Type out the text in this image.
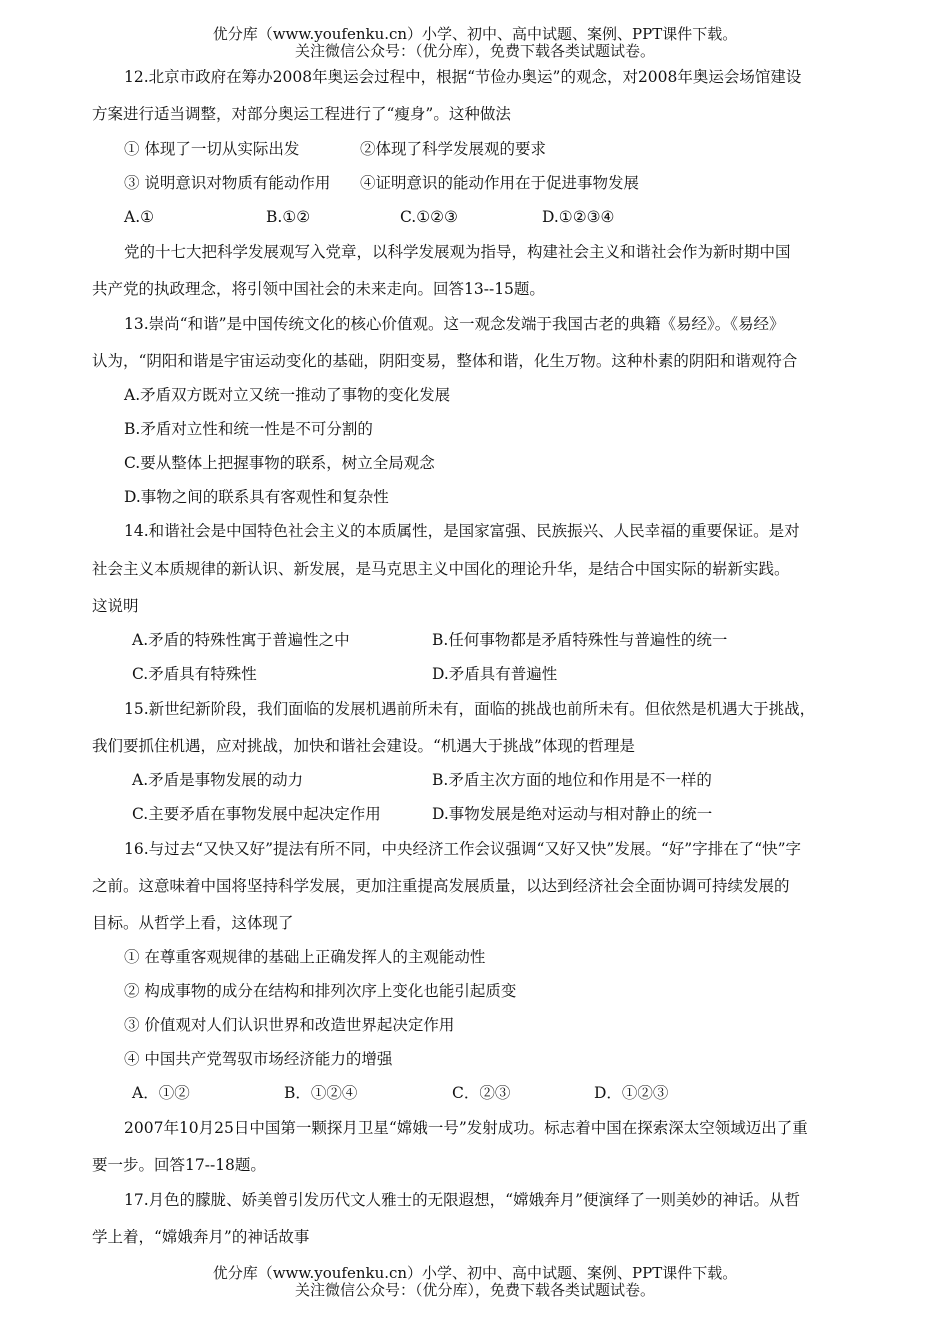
优分库（www.youfenku.cn）小学、初中、高中试题、案例、PPT课件下载。
关注微信公众号：（优分库），免费下载各类试题试卷。
12.北京市政府在筹办2008年奥运会过程中，根据“节俭办奥运”的观念，对2008年奥运会场馆建设
方案进行适当调整，对部分奥运工程进行了“瘦身”。这种做法
① 体现了一切从实际出发	②体现了科学发展观的要求
③ 说明意识对物质有能动作用 ④证明意识的能动作用在于促进事物发展
A.①	B.①②	C.①②③	D.①②③④
党的十七大把科学发展观写入党章，以科学发展观为指导，构建社会主义和谐社会作为新时期中国
共产党的执政理念，将引领中国社会的未来走向。回答13--15题。
13.崇尚“和谐”是中国传统文化的核心价值观。这一观念发端于我国古老的典籍《易经》。《易经》
认为，“阴阳和谐是宇宙运动变化的基础，阴阳变易，整体和谐，化生万物。这种朴素的阴阳和谐观符合
A.矛盾双方既对立又统一推动了事物的变化发展
B.矛盾对立性和统一性是不可分割的
C.要从整体上把握事物的联系，树立全局观念
D.事物之间的联系具有客观性和复杂性
14.和谐社会是中国特色社会主义的本质属性，是国家富强、民族振兴、人民幸福的重要保证。是对
社会主义本质规律的新认识、新发展，是马克思主义中国化的理论升华，是结合中国实际的崭新实践。
这说明
A.矛盾的特殊性寓于普遍性之中	B.任何事物都是矛盾特殊性与普遍性的统一
C.矛盾具有特殊性	D.矛盾具有普遍性
15.新世纪新阶段，我们面临的发展机遇前所未有，面临的挑战也前所未有。但依然是机遇大于挑战，
我们要抓住机遇，应对挑战，加快和谐社会建设。“机遇大于挑战”体现的哲理是
A.矛盾是事物发展的动力	B.矛盾主次方面的地位和作用是不一样的
C.主要矛盾在事物发展中起决定作用	D.事物发展是绝对运动与相对静止的统一
16.与过去“又快又好”提法有所不同，中央经济工作会议强调“又好又快”发展。“好”字排在了“快”字
之前。这意味着中国将坚持科学发展，更加注重提高发展质量，以达到经济社会全面协调可持续发展的
目标。从哲学上看，这体现了
① 在尊重客观规律的基础上正确发挥人的主观能动性
② 构成事物的成分在结构和排列次序上变化也能引起质变
③ 价值观对人们认识世界和改造世界起决定作用
④ 中国共产党驾驭市场经济能力的增强
A．①②	B．①②④	C．②③	D．①②③
2007年10月25日中国第一颗探月卫星“嫦娥一号”发射成功。标志着中国在探索深太空领域迈出了重
要一步。回答17--18题。
17.月色的朦胧、娇美曾引发历代文人雅士的无限遐想，“嫦娥奔月”便演绎了一则美妙的神话。从哲
学上着，“嫦娥奔月”的神话故事
优分库（www.youfenku.cn）小学、初中、高中试题、案例、PPT课件下载。
关注微信公众号：（优分库），免费下载各类试题试卷。
